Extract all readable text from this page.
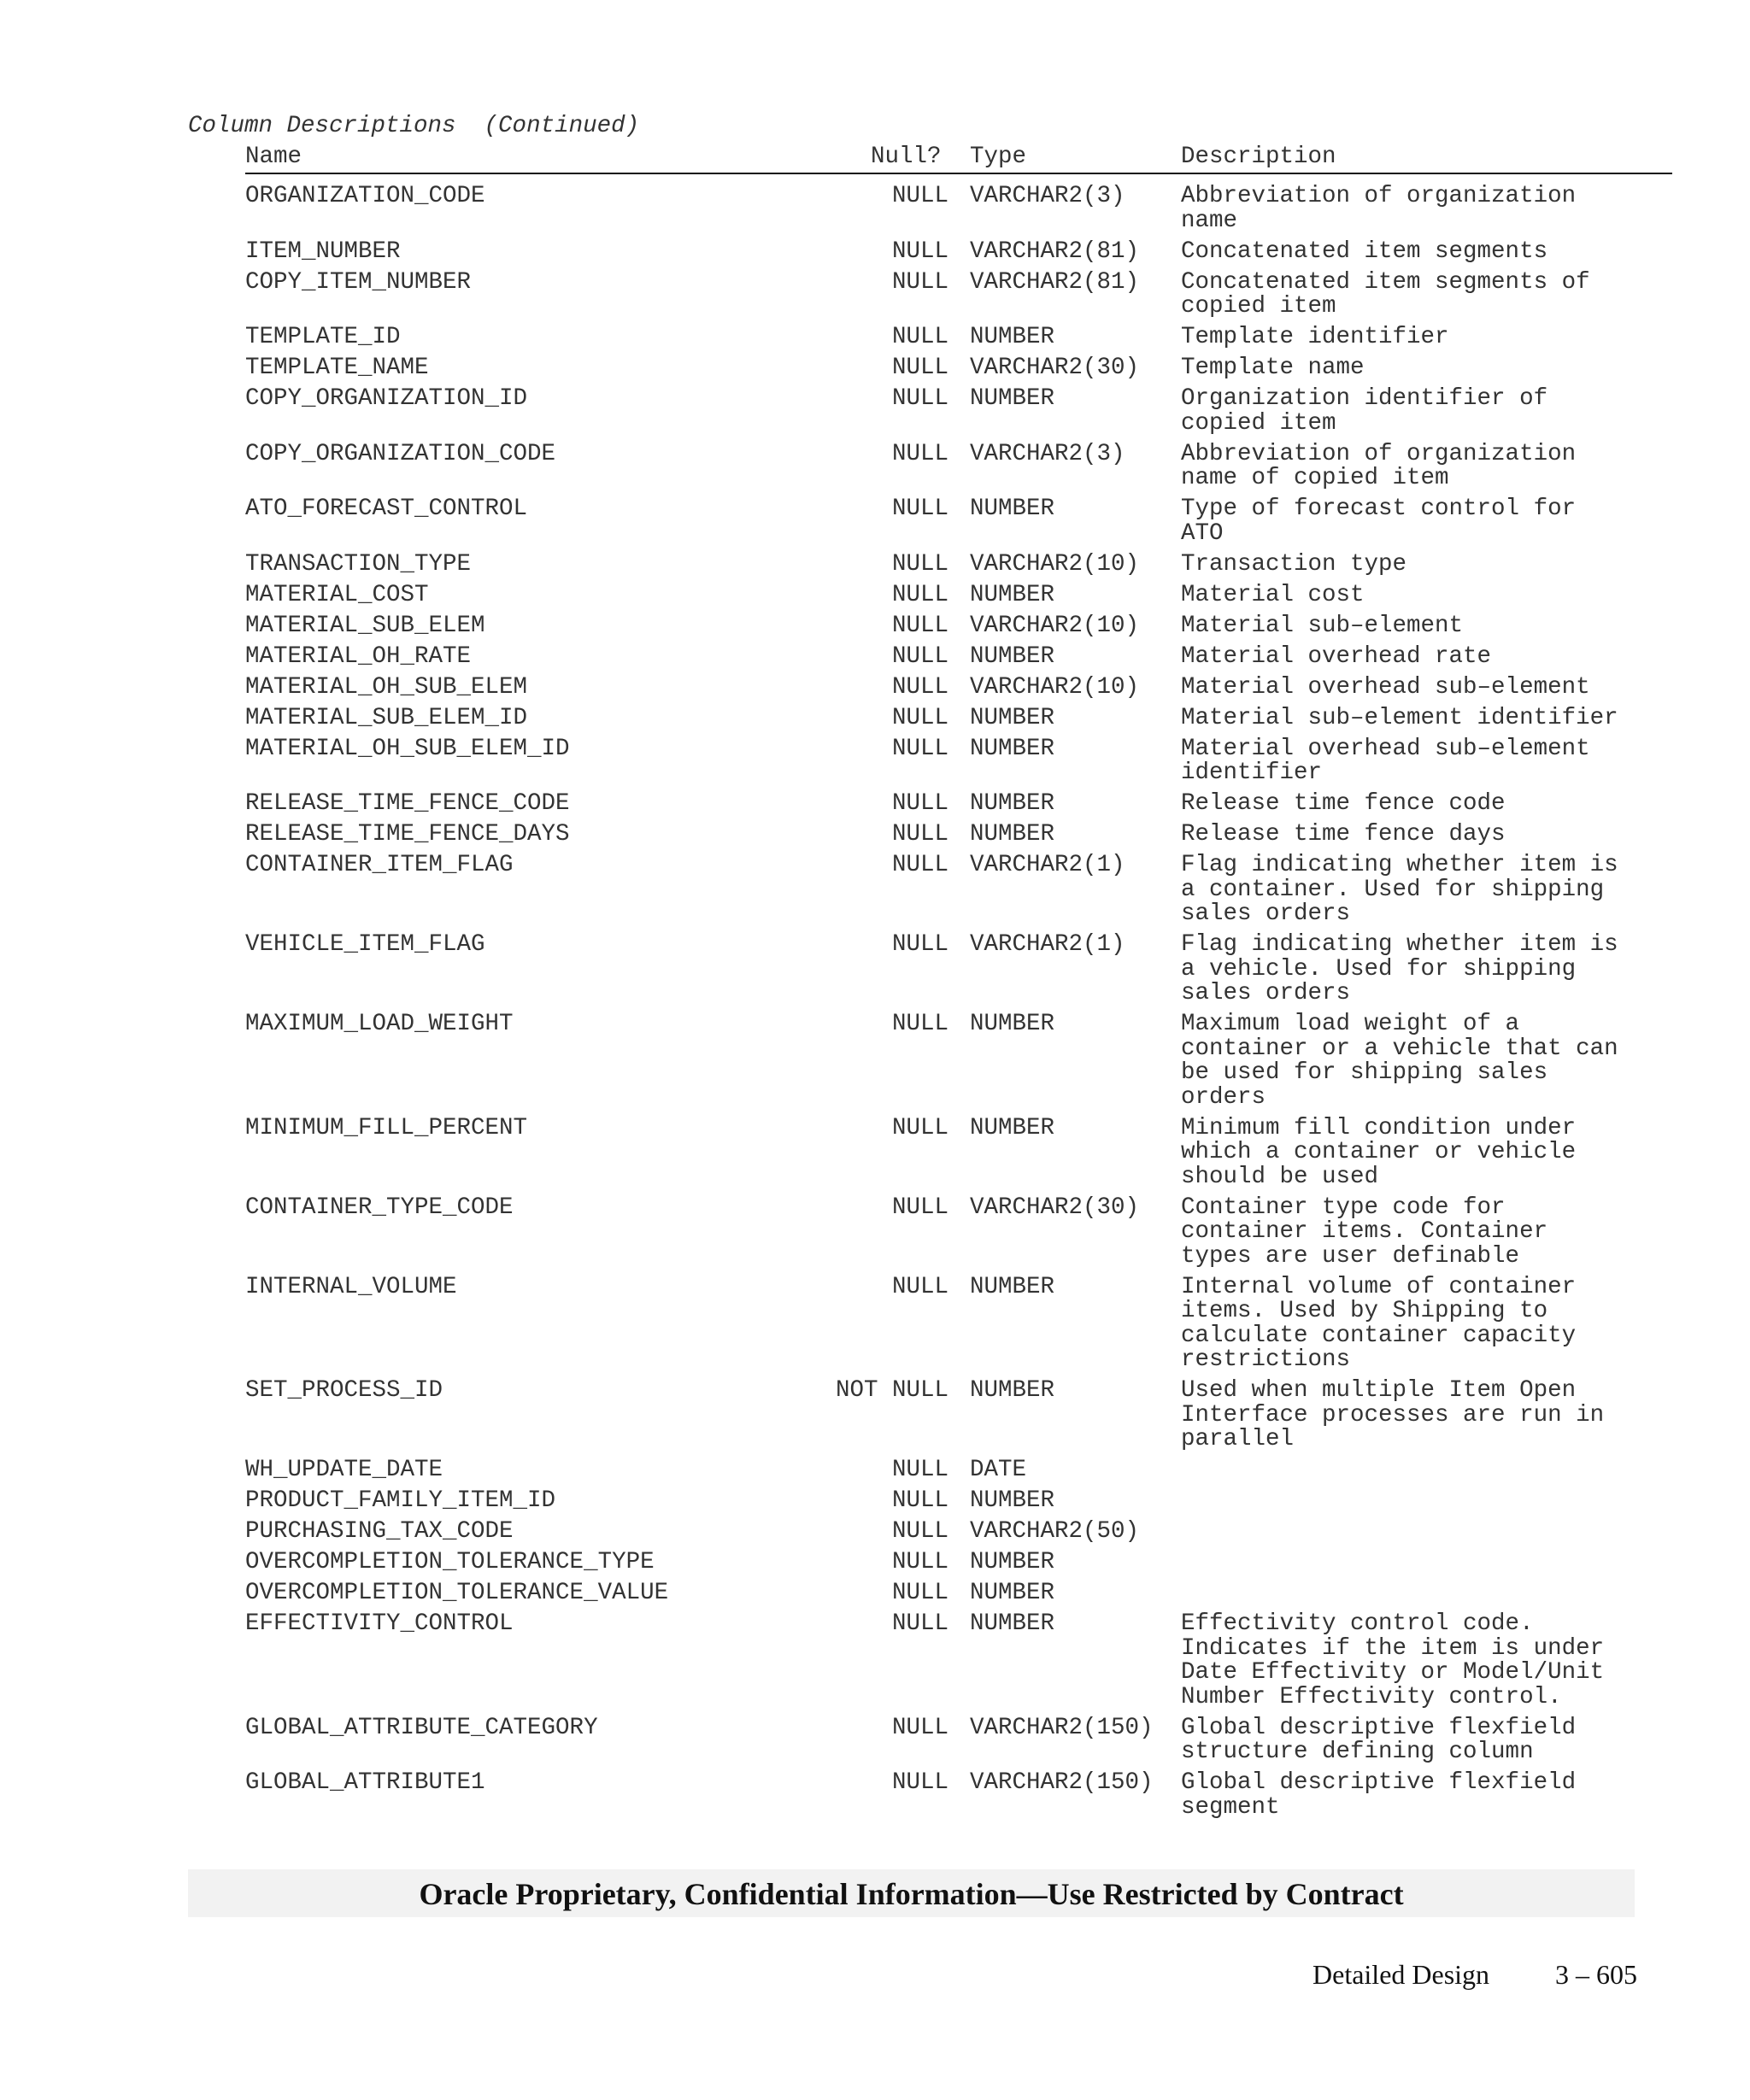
Column Descriptions  (Continued)
Name	Null? Type	Description
ORGANIZATION_CODE	NULL VARCHAR2(3) Abbreviation of organization
name
ITEM_NUMBER	NULL VARCHAR2(81) Concatenated item segments
COPY_ITEM_NUMBER	NULL VARCHAR2(81) Concatenated item segments of
copied item
TEMPLATE_ID	NULL NUMBER	Template identifier
TEMPLATE_NAME	NULL VARCHAR2(30) Template name
COPY_ORGANIZATION_ID	NULL NUMBER	Organization identifier of
copied item
COPY_ORGANIZATION_CODE	NULL VARCHAR2(3) Abbreviation of organization
name of copied item
ATO_FORECAST_CONTROL	NULL NUMBER	Type of forecast control for
ATO
TRANSACTION_TYPE	NULL VARCHAR2(10) Transaction type
MATERIAL_COST	NULL NUMBER	Material cost
MATERIAL_SUB_ELEM	NULL VARCHAR2(10) Material sub–element
MATERIAL_OH_RATE	NULL NUMBER	Material overhead rate
MATERIAL_OH_SUB_ELEM	NULL VARCHAR2(10) Material overhead sub–element
MATERIAL_SUB_ELEM_ID	NULL NUMBER	Material sub–element identifier
MATERIAL_OH_SUB_ELEM_ID	NULL NUMBER	Material overhead sub–element
identifier
RELEASE_TIME_FENCE_CODE	NULL NUMBER	Release time fence code
RELEASE_TIME_FENCE_DAYS	NULL NUMBER	Release time fence days
CONTAINER_ITEM_FLAG	NULL VARCHAR2(1) Flag indicating whether item is
a container. Used for shipping
sales orders
VEHICLE_ITEM_FLAG	NULL VARCHAR2(1) Flag indicating whether item is
a vehicle. Used for shipping
sales orders
MAXIMUM_LOAD_WEIGHT	NULL NUMBER	Maximum load weight of a
container or a vehicle that can
be used for shipping sales
orders
MINIMUM_FILL_PERCENT	NULL NUMBER	Minimum fill condition under
which a container or vehicle
should be used
CONTAINER_TYPE_CODE	NULL VARCHAR2(30) Container type code for
container items. Container
types are user definable
INTERNAL_VOLUME	NULL NUMBER	Internal volume of container
items. Used by Shipping to
calculate container capacity
restrictions
SET_PROCESS_ID	NOT NULL NUMBER	Used when multiple Item Open
Interface processes are run in
parallel
WH_UPDATE_DATE	NULL DATE
PRODUCT_FAMILY_ITEM_ID	NULL NUMBER
PURCHASING_TAX_CODE	NULL VARCHAR2(50)
OVERCOMPLETION_TOLERANCE_TYPE	NULL NUMBER
OVERCOMPLETION_TOLERANCE_VALUE	NULL NUMBER
EFFECTIVITY_CONTROL	NULL NUMBER	Effectivity control code.
Indicates if the item is under
Date Effectivity or Model/Unit
Number Effectivity control.
GLOBAL_ATTRIBUTE_CATEGORY	NULL VARCHAR2(150) Global descriptive flexfield
structure defining column
GLOBAL_ATTRIBUTE1	NULL VARCHAR2(150) Global descriptive flexfield
segment
Oracle Proprietary, Confidential Information––Use Restricted by Contract
Detailed Design 3 – 605
